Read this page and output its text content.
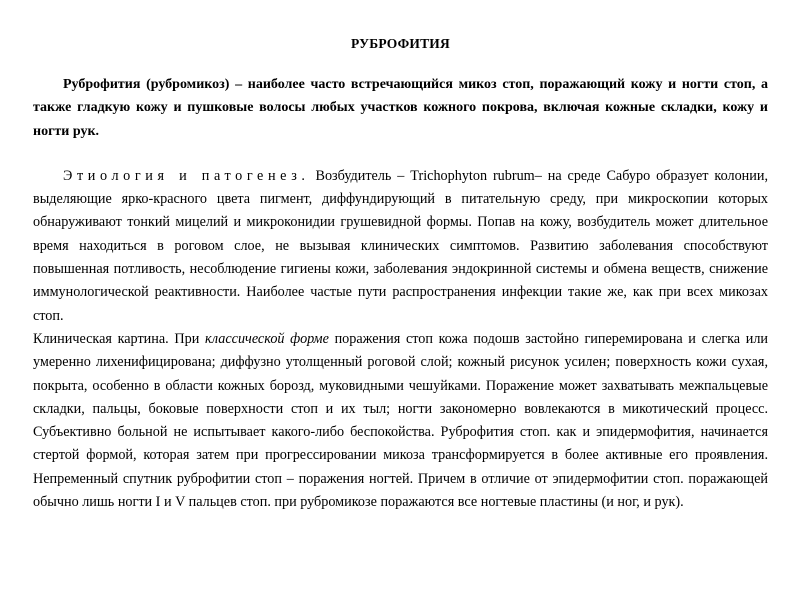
РУБРОФИТИЯ

Руброфития (рубромикоз) – наиболее часто встречающийся микоз стоп, поражающий кожу и ногти стоп, а также гладкую кожу и пушковые волосы любых участков кожного покрова, включая кожные складки, кожу и ногти рук.

Этиология и патогенез. Возбудитель – Trichophyton rubrum– на среде Сабуро образует колонии, выделяющие ярко-красного цвета пигмент, диффундирующий в питательную среду, при микроскопии которых обнаруживают тонкий мицелий и микроконидии грушевидной формы. Попав на кожу, возбудитель может длительное время находиться в роговом слое, не вызывая клинических симптомов. Развитию заболевания способствуют повышенная потливость, несоблюдение гигиены кожи, заболевания эндокринной системы и обмена веществ, снижение иммунологической реактивности. Наиболее частые пути распространения инфекции такие же, как при всех микозах стоп.

Клиническая картина. При классической форме поражения стоп кожа подошв застойно гиперемирована и слегка или умеренно лихенифицирована; диффузно утолщенный роговой слой; кожный рисунок усилен; поверхность кожи сухая, покрыта, особенно в области кожных борозд, муковидными чешуйками. Поражение может захватывать межпальцевые складки, пальцы, боковые поверхности стоп и их тыл; ногти закономерно вовлекаются в микотический процесс. Субъективно больной не испытывает какого-либо беспокойства. Руброфития стоп. как и эпидермофития, начинается стертой формой, которая затем при прогрессировании микоза трансформируется в более активные его проявления. Непременный спутник руброфитии стоп – поражения ногтей. Причем в отличие от эпидермофитии стоп. поражающей обычно лишь ногти I и V пальцев стоп. при рубромикозе поражаются все ногтевые пластины (и ног, и рук).
